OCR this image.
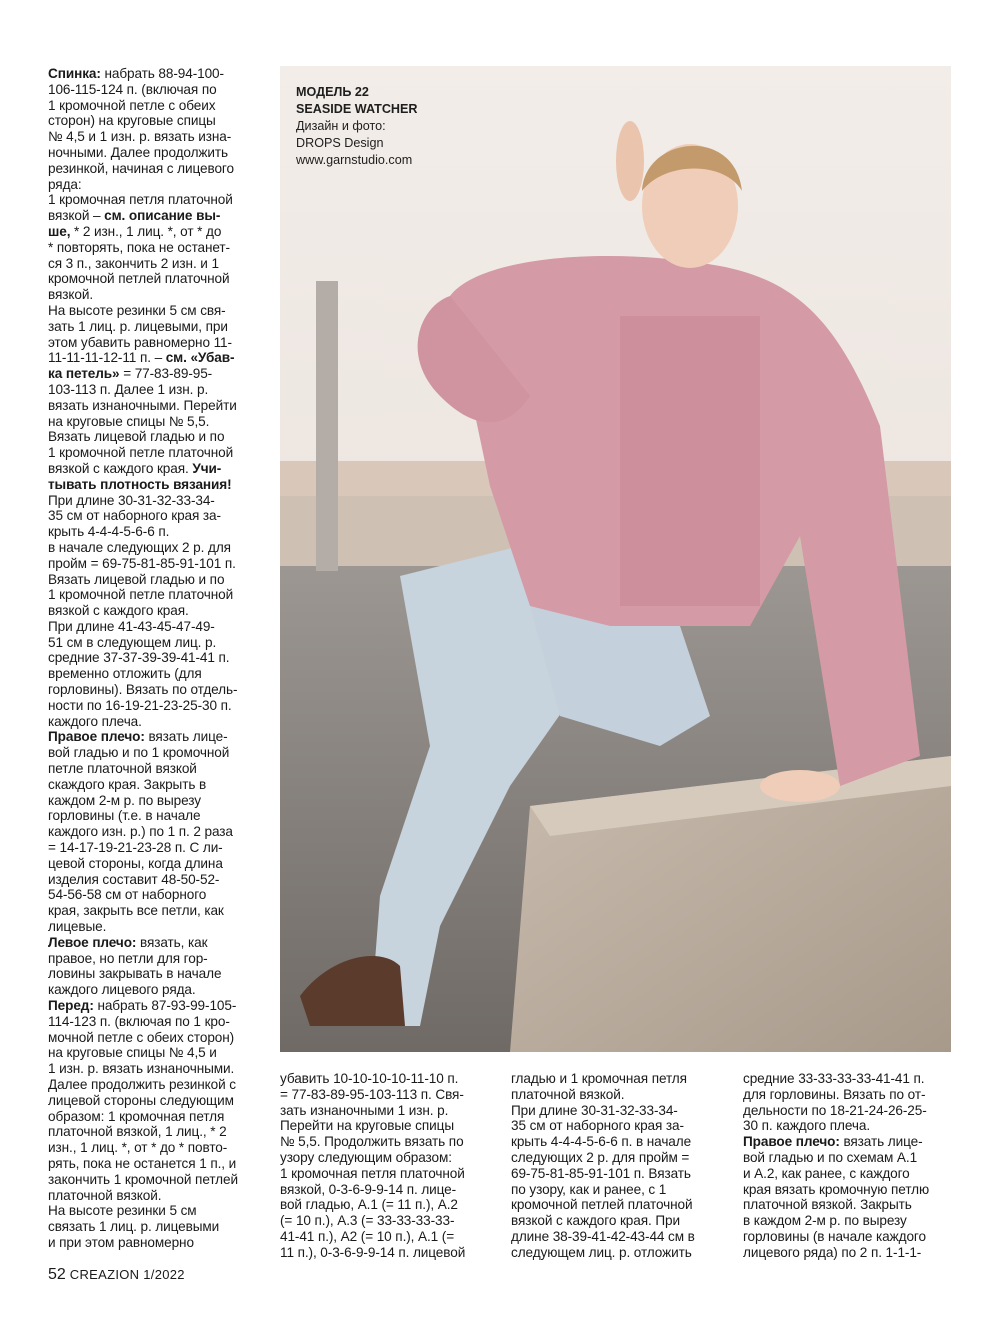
Спинка: набрать 88-94-100-

106-115-124 п. (включая по

1 кромочной петле с обеих

сторон) на круговые спицы

№ 4,5 и 1 изн. р. вязать изна-

ночными. Далее продолжить

резинкой, начиная с лицевого

ряда:

1 кромочная петля платочной

вязкой – см. описание вы-

ше, * 2 изн., 1 лиц. *, от * до

* повторять, пока не останет-

ся 3 п., закончить 2 изн. и 1

кромочной петлей платочной

вязкой.

На высоте резинки 5 см свя-

зать 1 лиц. р. лицевыми, при

этом убавить равномерно 11-

11-11-11-12-11 п. – см. «Убав-

ка петель» = 77-83-89-95-

103-113 п. Далее 1 изн. р.

вязать изнаночными. Перейти

на круговые спицы № 5,5.

Вязать лицевой гладью и по

1 кромочной петле платочной

вязкой с каждого края. Учи-

тывать плотность вязания!

При длине 30-31-32-33-34-

35 см от наборного края за-

крыть 4-4-4-5-6-6 п.

в начале следующих 2 р. для

пройм = 69-75-81-85-91-101 п.

Вязать лицевой гладью и по

1 кромочной петле платочной

вязкой с каждого края.

При длине 41-43-45-47-49-

51 см в следующем лиц. р.

средние 37-37-39-39-41-41 п.

временно отложить (для

горловины). Вязать по отдель-

ности по 16-19-21-23-25-30 п.

каждого плеча.

Правое плечо: вязать лице-

вой гладью и по 1 кромочной

петле платочной вязкой

скаждого края. Закрыть в

каждом 2-м р. по вырезу

горловины (т.е. в начале

каждого изн. р.) по 1 п. 2 раза

= 14-17-19-21-23-28 п. С ли-

цевой стороны, когда длина

изделия составит 48-50-52-

54-56-58 см от наборного

края, закрыть все петли, как

лицевые.

Левое плечо: вязать, как

правое, но петли для гор-

ловины закрывать в начале

каждого лицевого ряда.

Перед: набрать 87-93-99-105-

114-123 п. (включая по 1 кро-

мочной петле с обеих сторон)

на круговые спицы № 4,5 и

1 изн. р. вязать изнаночными.

Далее продолжить резинкой с

лицевой стороны следующим

образом: 1 кромочная петля

платочной вязкой, 1 лиц., * 2

изн., 1 лиц. *, от * до * повто-

рять, пока не останется 1 п., и

закончить 1 кромочной петлей

платочной вязкой.

На высоте резинки 5 см

связать 1 лиц. р. лицевыми

и при этом равномерно

МОДЕЛЬ 22
SEASIDE WATCHER
Дизайн и фото:
DROPS Design
www.garnstudio.com

убавить 10-10-10-10-11-10 п.

= 77-83-89-95-103-113 п. Свя-

зать изнаночными 1 изн. р.

Перейти на круговые спицы

№ 5,5. Продолжить вязать по

узору следующим образом:

1 кромочная петля платочной

вязкой, 0-3-6-9-9-14 п. лице-

вой гладью, А.1 (= 11 п.), А.2

(= 10 п.), А.3 (= 33-33-33-33-

41-41 п.), А2 (= 10 п.), А.1 (=

11 п.), 0-3-6-9-9-14 п. лицевой

гладью и 1 кромочная петля

платочной вязкой.

При длине 30-31-32-33-34-

35 см от наборного края за-

крыть 4-4-4-5-6-6 п. в начале

следующих 2 р. для пройм =

69-75-81-85-91-101 п. Вязать

по узору, как и ранее, с 1

кромочной петлей платочной

вязкой с каждого края. При

длине 38-39-41-42-43-44 см в

следующем лиц. р. отложить

средние 33-33-33-33-41-41 п.

для горловины. Вязать по от-

дельности по 18-21-24-26-25-

30 п. каждого плеча.

Правое плечо: вязать лице-

вой гладью и по схемам А.1

и А.2, как ранее, с каждого

края вязать кромочную петлю

платочной вязкой. Закрыть

в каждом 2-м р. по вырезу

горловины (в начале каждого

лицевого ряда) по 2 п. 1-1-1-

52 CREAZION 1/2022
